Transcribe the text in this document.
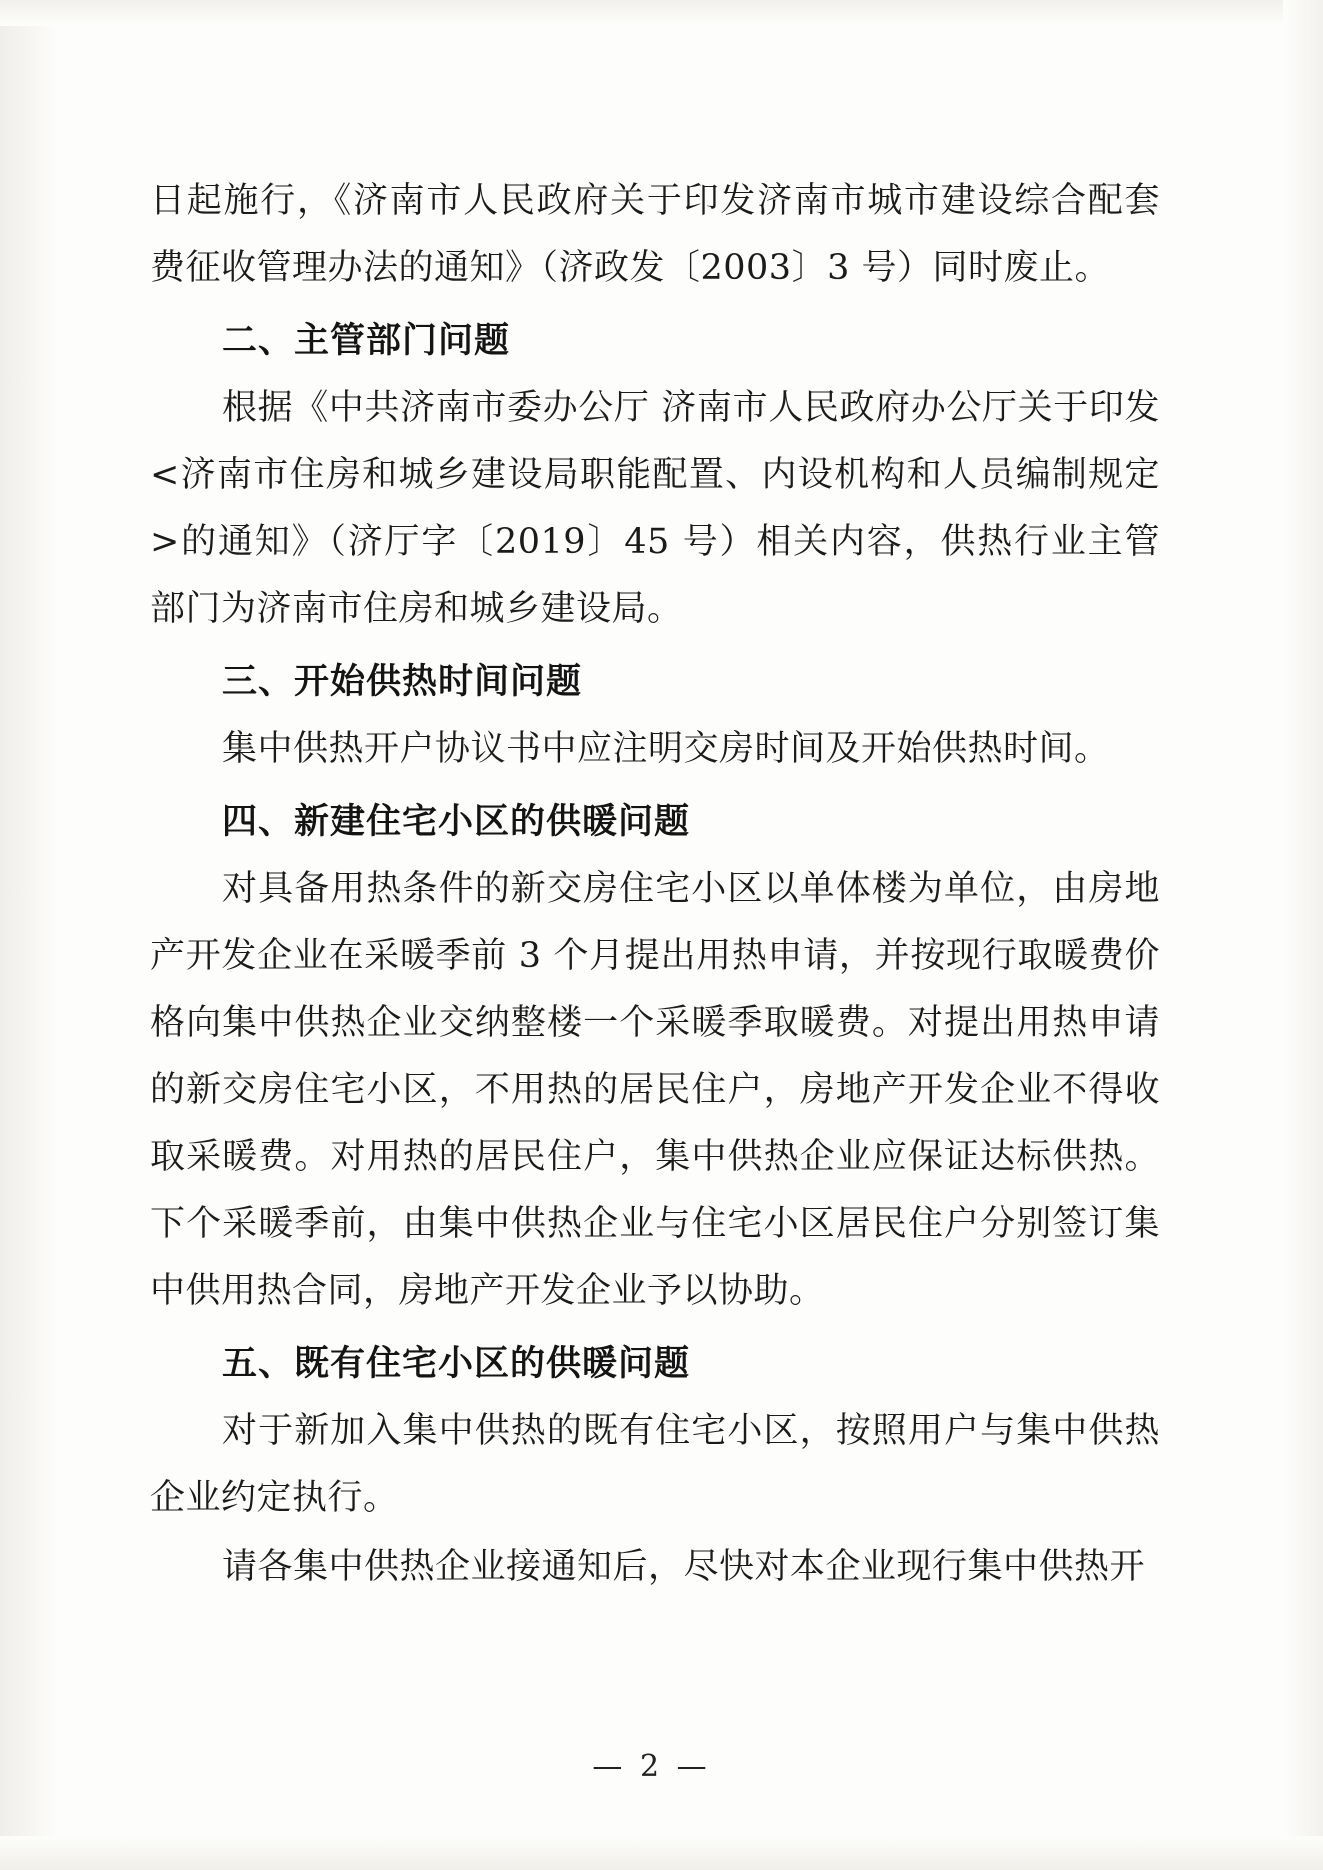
日起施行，《济南市人民政府关于印发济南市城市建设综合配套费征收管理办法的通知》（济政发〔2003〕3 号）同时废止。

二、主管部门问题

根据《中共济南市委办公厅 济南市人民政府办公厅关于印发<济南市住房和城乡建设局职能配置、内设机构和人员编制规定>的通知》（济厅字〔2019〕45 号）相关内容，供热行业主管部门为济南市住房和城乡建设局。

三、开始供热时间问题

集中供热开户协议书中应注明交房时间及开始供热时间。

四、新建住宅小区的供暖问题

对具备用热条件的新交房住宅小区以单体楼为单位，由房地产开发企业在采暖季前 3 个月提出用热申请，并按现行取暖费价格向集中供热企业交纳整楼一个采暖季取暖费。对提出用热申请的新交房住宅小区，不用热的居民住户，房地产开发企业不得收取采暖费。对用热的居民住户，集中供热企业应保证达标供热。下个采暖季前，由集中供热企业与住宅小区居民住户分别签订集中供用热合同，房地产开发企业予以协助。

五、既有住宅小区的供暖问题

对于新加入集中供热的既有住宅小区，按照用户与集中供热企业约定执行。

请各集中供热企业接通知后，尽快对本企业现行集中供热开

— 2 —
